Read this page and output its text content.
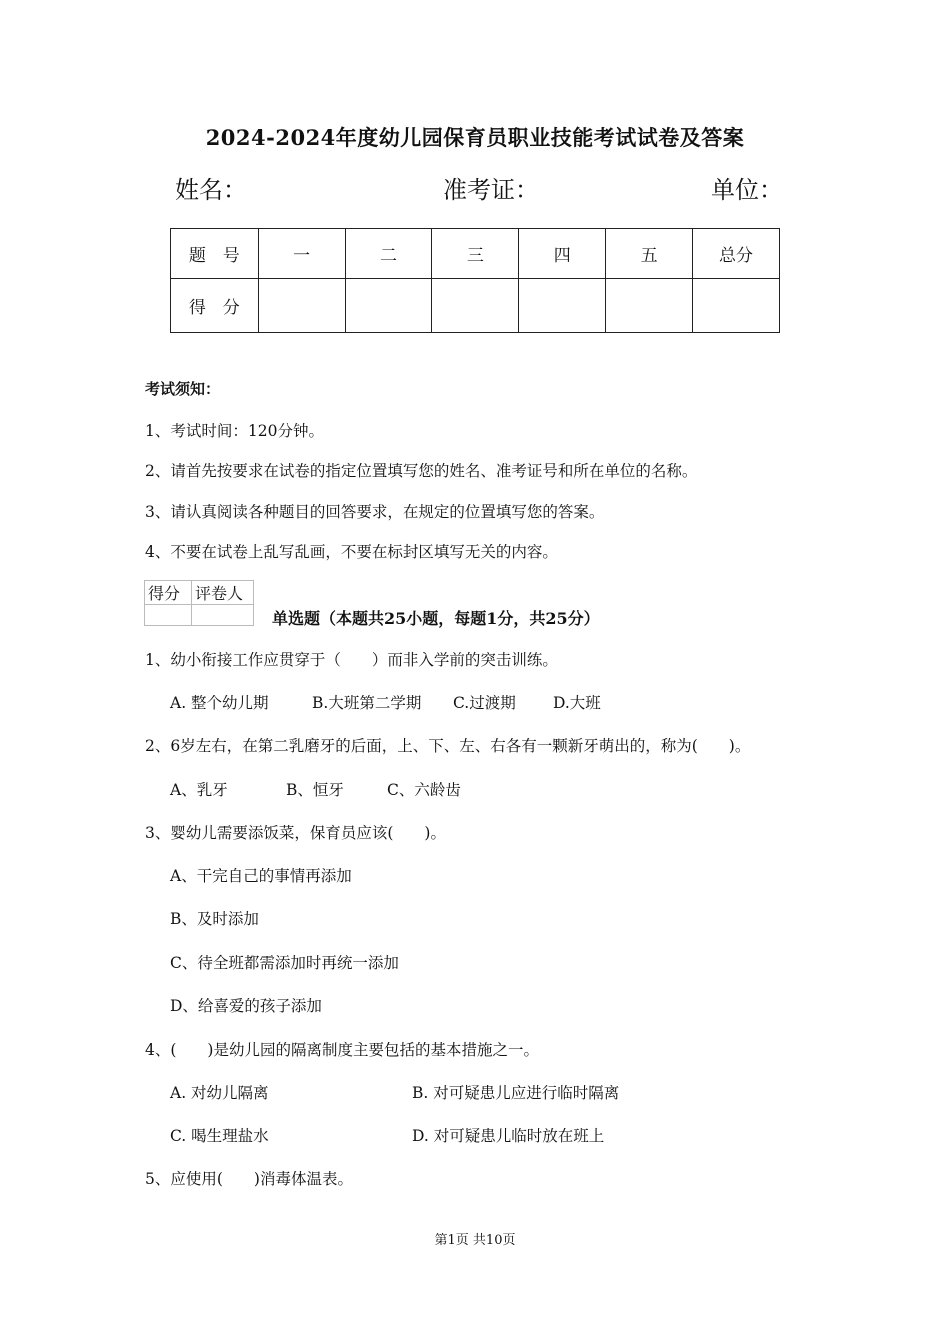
2024-2024年度幼儿园保育员职业技能考试试卷及答案
姓名：	准考证：	单位：
题　号	一	二	三	四	五	总分
得　分						
考试须知：
1、考试时间：120分钟。
2、请首先按要求在试卷的指定位置填写您的姓名、准考证号和所在单位的名称。
3、请认真阅读各种题目的回答要求，在规定的位置填写您的答案。
4、不要在试卷上乱写乱画，不要在标封区填写无关的内容。
得分	评卷人

单选题（本题共25小题，每题1分，共25分）
1、幼小衔接工作应贯穿于（　　）而非入学前的突击训练。
A. 整个幼儿期	B.大班第二学期 C.过渡期 D.大班
2、6岁左右，在第二乳磨牙的后面，上、下、左、右各有一颗新牙萌出的，称为(　　)。
A、乳牙	B、恒牙	C、六龄齿
3、婴幼儿需要添饭菜，保育员应该(　　)。
A、干完自己的事情再添加
B、及时添加
C、待全班都需添加时再统一添加
D、给喜爱的孩子添加
4、(　　)是幼儿园的隔离制度主要包括的基本措施之一。
A. 对幼儿隔离	B. 对可疑患儿应进行临时隔离
C. 喝生理盐水	D. 对可疑患儿临时放在班上
5、应使用(　　)消毒体温表。
第1页 共10页
